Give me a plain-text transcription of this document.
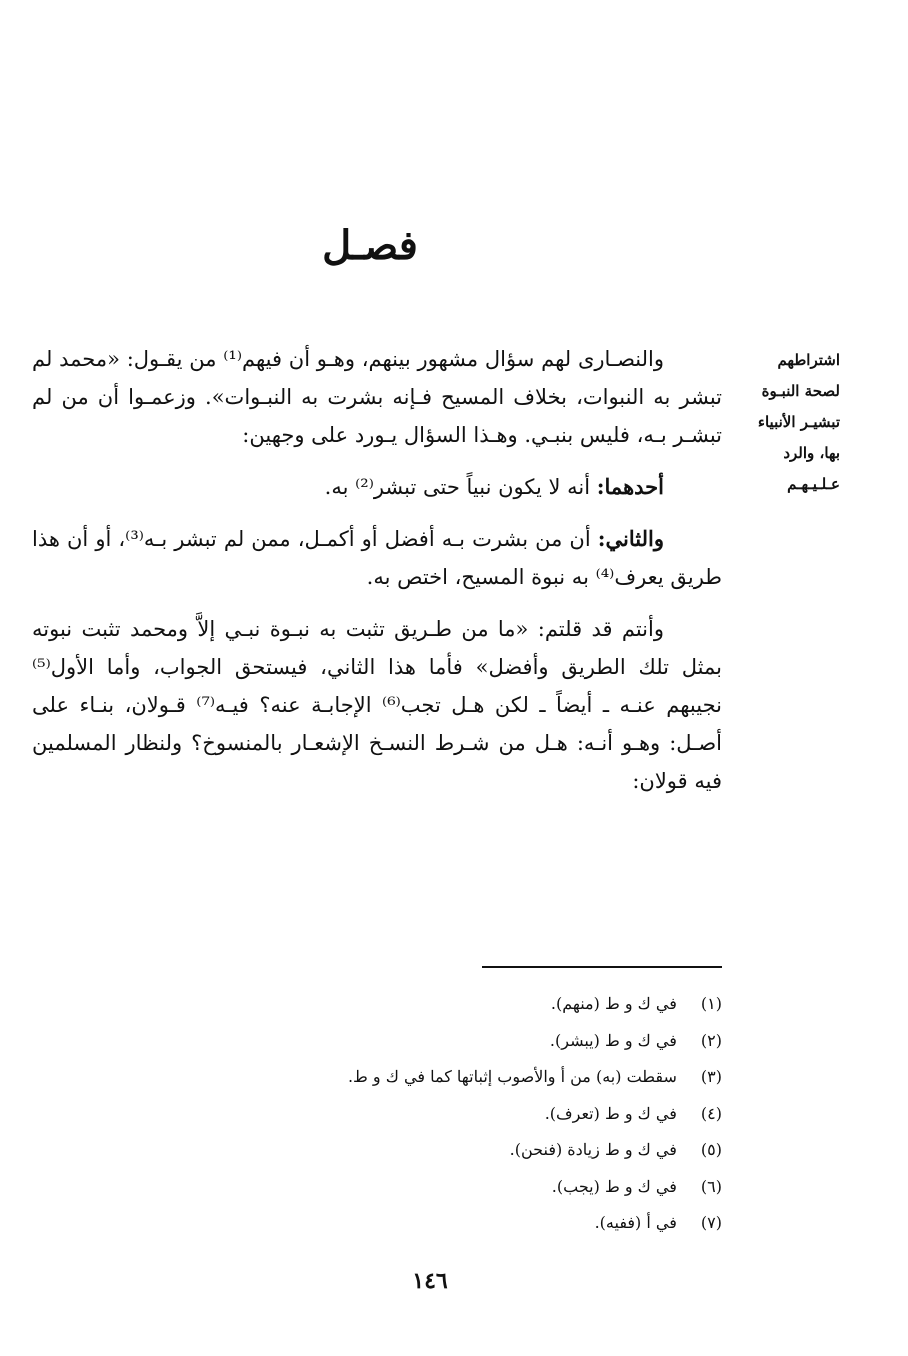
فصـل
اشتراطهم لصحة النبـوة تبشيـر الأنبياء بها، والرد عـلـيـهـم

والنصـارى لهم سؤال مشهور بينهم، وهـو أن فيهم⁽¹⁾ من يقـول: «محمد لم تبشر به النبوات، بخلاف المسيح فـإنه بشرت به النبـوات». وزعمـوا أن من لم تبشـر بـه، فليس بنبـي. وهـذا السؤال يـورد على وجهين:

أحدهما: أنه لا يكون نبياً حتى تبشر⁽²⁾ به.

والثاني: أن من بشرت بـه أفضل أو أكمـل، ممن لم تبشر بـه⁽³⁾، أو أن هذا طريق يعرف⁽⁴⁾ به نبوة المسيح، اختص به.

وأنتم قد قلتم: «ما من طـريق تثبت به نبـوة نبـي إلاَّ ومحمد تثبت نبوته بمثل تلك الطريق وأفضل» فأما هذا الثاني، فيستحق الجواب، وأما الأول⁽⁵⁾ نجيبهم عنـه ـ أيضاً ـ لكن هـل تجب⁽⁶⁾ الإجابـة عنه؟ فيـه⁽⁷⁾ قـولان، بنـاء على أصـل: وهـو أنـه: هـل من شـرط النسـخ الإشعـار بالمنسوخ؟ ولنظار المسلمين فيه قولان:

(١) في ك و ط (منهم).
(٢) في ك و ط (يبشر).
(٣) سقطت (به) من أ والأصوب إثباتها كما في ك و ط.
(٤) في ك و ط (تعرف).
(٥) في ك و ط زيادة (فنحن).
(٦) في ك و ط (يجب).
(٧) في أ (ففيه).
١٤٦
